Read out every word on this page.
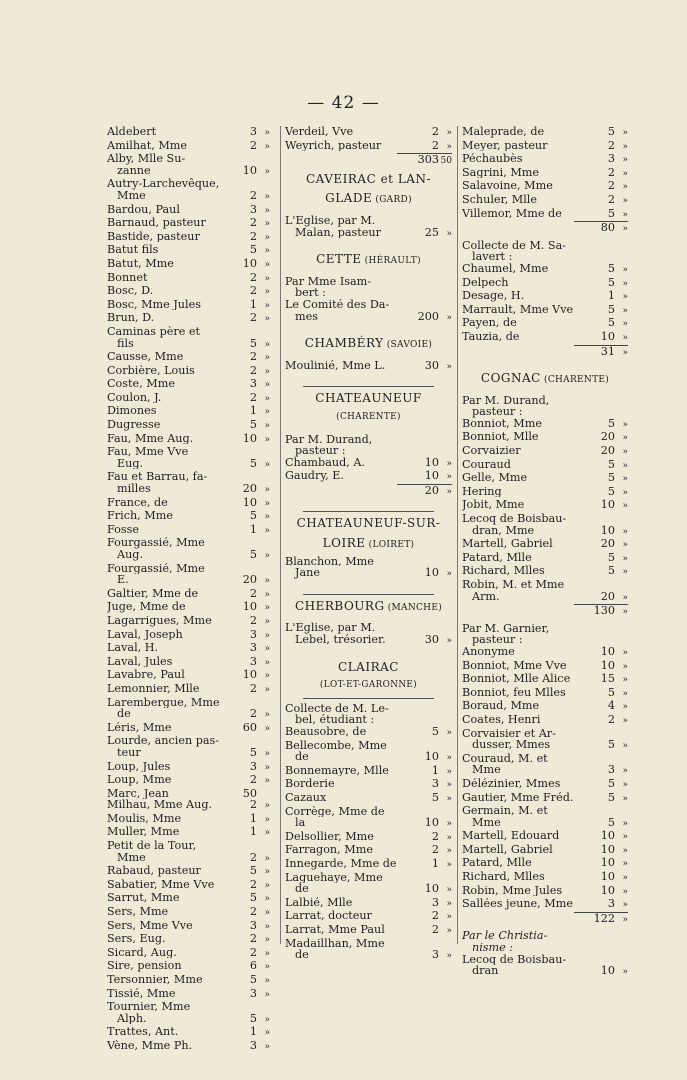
— 42 —
Aldebert	3 »
Amilhat, Mme	2 »
Alby, Mlle Su-
zanne	10 »
Autry-Larchevêque,
Mme	2 »
Bardou, Paul	3 »
Barnaud, pasteur	2 »
Bastide, pasteur	2 »
Batut fils	5 »
Batut, Mme	10 »
Bonnet	2 »
Bosc, D.	2 »
Bosc, Mme Jules	1 »
Brun, D.	2 »
Caminas père et
fils	5 »
Causse, Mme	2 »
Corbière, Louis	2 »
Coste, Mme	3 »
Coulon, J.	2 »
Dimones	1 »
Dugresse	5 »
Fau, Mme Aug.	10 »
Fau, Mme Vve
Eug.	5 »
Fau et Barrau, fa-
milles	20 »
France, de	10 »
Frich, Mme	5 »
Fosse	1 »
Fourgassié, Mme
Aug.	5 »
Fourgassié, Mme
E.	20 »
Galtier, Mme de	2 »
Juge, Mme de	10 »
Lagarrigues, Mme	2 »
Laval, Joseph	3 »
Laval, H.	3 »
Laval, Jules	3 »
Lavabre, Paul	10 »
Lemonnier, Mlle	2 »
Larembergue, Mme
de	2 »
Léris, Mme	60 »
Lourde, ancien pas-
teur	5 »
Loup, Jules	3 »
Loup, Mme	2 »
Marc, Jean	50
Milhau, Mme Aug.	2 »
Moulis, Mme	1 »
Muller, Mme	1 »
Petit de la Tour,
Mme	2 »
Rabaud, pasteur	5 »
Sabatier, Mme Vve	2 »
Sarrut, Mme	5 »
Sers, Mme	2 »
Sers, Mme Vve	3 »
Sers, Eug.	2 »
Sicard, Aug.	2 »
Sire, pension	6 »
Tersonnier, Mme	5 »
Tissié, Mme	3 »
Tournier, Mme
Alph.	5 »
Trattes, Ant.	1 »
Vène, Mme Ph.	3 »
Verdeil, Vve	2 »
Weyrich, pasteur	2 »
303 50
CAVEIRAC et LAN-
GLADE (GARD)
L'Eglise, par M.
Malan, pasteur	25 »
CETTE (HÉRAULT)
Par Mme Isam-
bert :
Le Comité des Da-
mes	200 »
CHAMBÉRY (SAVOIE)
Moulinié, Mme L.	30 »
CHATEAUNEUF
(CHARENTE)
Par M. Durand,
pasteur :
Chambaud, A.	10 »
Gaudry, E.	10 »
20 »
CHATEAUNEUF-SUR-
LOIRE (LOIRET)
Blanchon, Mme
Jane	10 »
CHERBOURG (MANCHE)
L'Eglise, par M.
Lebel, trésorier.	30 »
CLAIRAC
(LOT-ET-GARONNE)
Collecte de M. Le-
bel, étudiant :
Beausobre, de	5 »
Bellecombe, Mme
de	10 »
Bonnemayre, Mlle	1 »
Borderie	3 »
Cazaux	5 »
Corrège, Mme de
la	10 »
Delsollier, Mme	2 »
Farragon, Mme	2 »
Innegarde, Mme de	1 »
Laguehaye, Mme
de	10 »
Lalbié, Mlle	3 »
Larrat, docteur	2 »
Larrat, Mme Paul	2 »
Madaillhan, Mme
de	3 »
Maleprade, de	5 »
Meyer, pasteur	2 »
Péchaubès	3 »
Sagrini, Mme	2 »
Salavoine, Mme	2 »
Schuler, Mlle	2 »
Villemor, Mme de	5 »
80 »
Collecte de M. Sa-
lavert :
Chaumel, Mme	5 »
Delpech	5 »
Desage, H.	1 »
Marrault, Mme Vve	5 »
Payen, de	5 »
Tauzia, de	10 »
31 »
COGNAC (CHARENTE)
Par M. Durand,
pasteur :
Bonniot, Mme	5 »
Bonniot, Mlle	20 »
Corvaizier	20 »
Couraud	5 »
Gelle, Mme	5 »
Hering	5 »
Jobit, Mme	10 »
Lecoq de Boisbau-
dran, Mme	10 »
Martell, Gabriel	20 »
Patard, Mlle	5 »
Richard, Mlles	5 »
Robin, M. et Mme
Arm.	20 »
130 »
Par M. Garnier,
pasteur :
Anonyme	10 »
Bonniot, Mme Vve	10 »
Bonniot, Mlle Alice	15 »
Bonniot, feu Mlles	5 »
Boraud, Mme	4 »
Coates, Henri	2 »
Corvaisier et Ar-
dusser, Mmes	5 »
Couraud, M. et
Mme	3 »
Délézinier, Mmes	5 »
Gautier, Mme Fréd.	5 »
Germain, M. et
Mme	5 »
Martell, Edouard	10 »
Martell, Gabriel	10 »
Patard, Mlle	10 »
Richard, Mlles	10 »
Robin, Mme Jules	10 »
Sallées jeune, Mme	3 »
122 »
Par le Christia-
nisme :
Lecoq de Boisbau-
dran	10 »
